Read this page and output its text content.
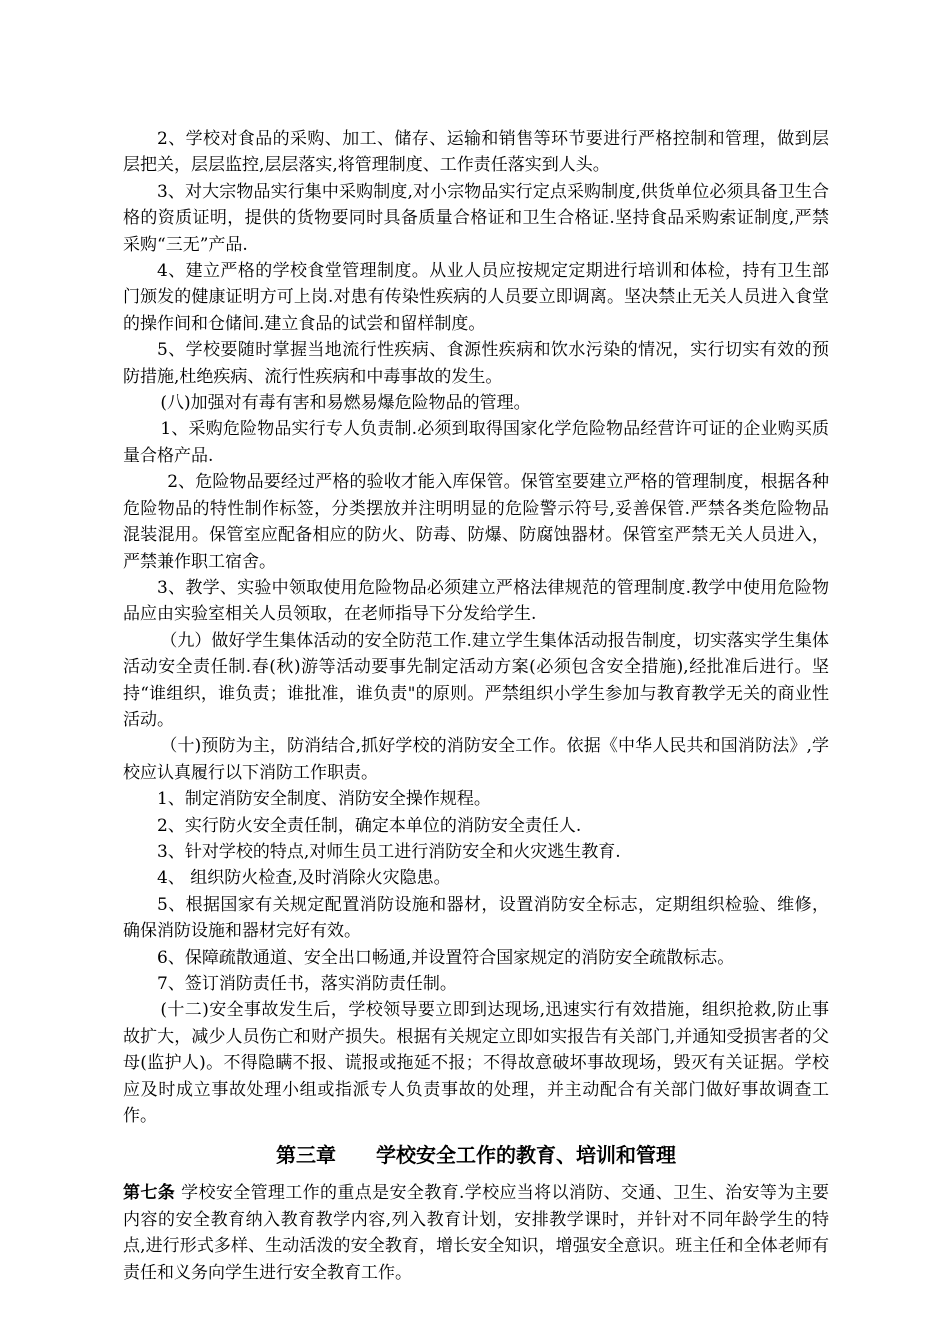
2、学校对食品的采购、加工、储存、运输和销售等环节要进行严格控制和管理，做到层层把关，层层监控,层层落实,将管理制度、工作责任落实到人头。

3、对大宗物品实行集中采购制度,对小宗物品实行定点采购制度,供货单位必须具备卫生合格的资质证明，提供的货物要同时具备质量合格证和卫生合格证.坚持食品采购索证制度,严禁采购“三无”产品.

4、建立严格的学校食堂管理制度。从业人员应按规定定期进行培训和体检，持有卫生部门颁发的健康证明方可上岗.对患有传染性疾病的人员要立即调离。坚决禁止无关人员进入食堂的操作间和仓储间.建立食品的试尝和留样制度。

5、学校要随时掌握当地流行性疾病、食源性疾病和饮水污染的情况，实行切实有效的预防措施,杜绝疾病、流行性疾病和中毒事故的发生。

(八)加强对有毒有害和易燃易爆危险物品的管理。

1、采购危险物品实行专人负责制.必须到取得国家化学危险物品经营许可证的企业购买质量合格产品.

2、危险物品要经过严格的验收才能入库保管。保管室要建立严格的管理制度，根据各种危险物品的特性制作标签，分类摆放并注明明显的危险警示符号,妥善保管.严禁各类危险物品混装混用。保管室应配备相应的防火、防毒、防爆、防腐蚀器材。保管室严禁无关人员进入，严禁兼作职工宿舍。

3、教学、实验中领取使用危险物品必须建立严格法律规范的管理制度.教学中使用危险物品应由实验室相关人员领取，在老师指导下分发给学生.

（九）做好学生集体活动的安全防范工作.建立学生集体活动报告制度，切实落实学生集体活动安全责任制.春(秋)游等活动要事先制定活动方案(必须包含安全措施),经批准后进行。坚持“谁组织，谁负责；谁批准，谁负责"的原则。严禁组织小学生参加与教育教学无关的商业性活动。

（十)预防为主，防消结合,抓好学校的消防安全工作。依据《中华人民共和国消防法》,学校应认真履行以下消防工作职责。

1、制定消防安全制度、消防安全操作规程。

2、实行防火安全责任制，确定本单位的消防安全责任人.

3、针对学校的特点,对师生员工进行消防安全和火灾逃生教育.

4、 组织防火检查,及时消除火灾隐患。

5、根据国家有关规定配置消防设施和器材，设置消防安全标志，定期组织检验、维修，确保消防设施和器材完好有效。

6、保障疏散通道、安全出口畅通,并设置符合国家规定的消防安全疏散标志。

7、签订消防责任书，落实消防责任制。

(十二)安全事故发生后，学校领导要立即到达现场,迅速实行有效措施，组织抢救,防止事故扩大，减少人员伤亡和财产损失。根据有关规定立即如实报告有关部门,并通知受损害者的父母(监护人)。不得隐瞒不报、谎报或拖延不报；不得故意破坏事故现场，毁灭有关证据。学校应及时成立事故处理小组或指派专人负责事故的处理，并主动配合有关部门做好事故调查工作。

第三章　　学校安全工作的教育、培训和管理

第七条 学校安全管理工作的重点是安全教育.学校应当将以消防、交通、卫生、治安等为主要内容的安全教育纳入教育教学内容,列入教育计划，安排教学课时，并针对不同年龄学生的特点,进行形式多样、生动活泼的安全教育，增长安全知识，增强安全意识。班主任和全体老师有责任和义务向学生进行安全教育工作。
